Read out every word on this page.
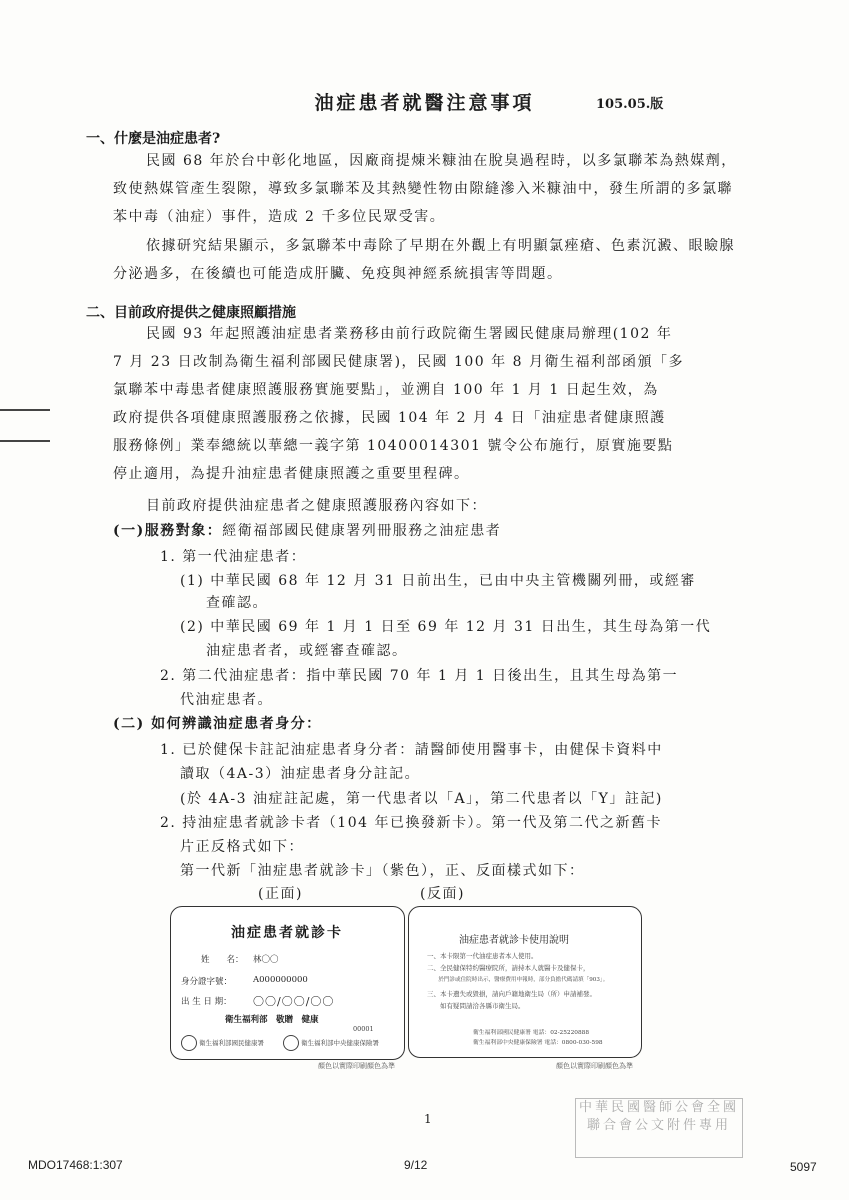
油症患者就醫注意事項	105.05.版
一、什麼是油症患者?
民國 68 年於台中彰化地區，因廠商提煉米糠油在脫臭過程時，以多氯聯苯為熱媒劑，
致使熱媒管產生裂隙，導致多氯聯苯及其熱變性物由隙縫滲入米糠油中，發生所謂的多氯聯
苯中毒（油症）事件，造成 2 千多位民眾受害。
依據研究結果顯示，多氯聯苯中毒除了早期在外觀上有明顯氯痤瘡、色素沉澱、眼瞼腺
分泌過多，在後續也可能造成肝臟、免疫與神經系統損害等問題。
二、目前政府提供之健康照顧措施
民國 93 年起照護油症患者業務移由前行政院衛生署國民健康局辦理(102 年
7 月 23 日改制為衛生福利部國民健康署)，民國 100 年 8 月衛生福利部函頒「多
氯聯苯中毒患者健康照護服務實施要點」，並溯自 100 年 1 月 1 日起生效，為
政府提供各項健康照護服務之依據，民國 104 年 2 月 4 日「油症患者健康照護
服務條例」業奉總統以華總一義字第 10400014301 號令公布施行，原實施要點
停止適用，為提升油症患者健康照護之重要里程碑。
目前政府提供油症患者之健康照護服務內容如下：
(一)服務對象：經衛福部國民健康署列冊服務之油症患者
1. 第一代油症患者：
(1) 中華民國 68 年 12 月 31 日前出生，已由中央主管機關列冊，或經審
查確認。
(2) 中華民國 69 年 1 月 1 日至 69 年 12 月 31 日出生，其生母為第一代
油症患者者，或經審查確認。
2. 第二代油症患者：指中華民國 70 年 1 月 1 日後出生，且其生母為第一
代油症患者。
(二) 如何辨識油症患者身分：
1. 已於健保卡註記油症患者身分者：請醫師使用醫事卡，由健保卡資料中
讀取（4A-3）油症患者身分註記。
(於 4A-3 油症註記處，第一代患者以「A」，第二代患者以「Y」註記)
2. 持油症患者就診卡者（104 年已換發新卡）。第一代及第二代之新舊卡
片正反格式如下：
第一代新「油症患者就診卡」（紫色），正、反面樣式如下：
(正面)	(反面)
油症患者就診卡
姓　　名： 林〇〇
身分證字號： A000000000
出 生 日 期： 〇〇/〇〇/〇〇
衛生福利部　敬贈　健康
00001
衛生福利部國民健康署	衛生福利部中央健康保險署
顏色以實際印刷顏色為準
油症患者就診卡使用說明
一、本卡限第一代油症患者本人使用。
二、全民健保特約醫療院所，請持本人就醫卡及健保卡，
　　於門診或住院時出示，醫療費用申報時，部分負擔代碼請填「903」。
三、本卡遺失或毀損，請向戶籍地衛生局（所）申請補發。
　　如有疑問請洽各縣市衛生局。
衛生福利部國民健康署 電話：02-25220888
衛生福利部中央健康保險署 電話：0800-030-598
顏色以實際印刷顏色為準
1
中華民國醫師公會全國聯合會公文附件專用
MDO17468:1:307	9/12	5097
